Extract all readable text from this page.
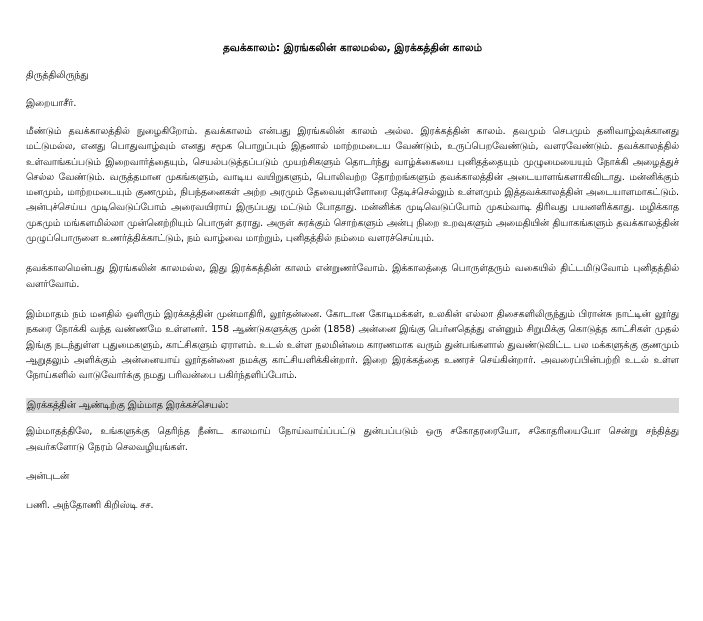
தவக்காலம்: இரங்கலின் காலமல்ல, இரக்கத்தின் காலம்

திருத்திலிருந்து

இறையாசீர்.

மீண்டும் தவக்காலத்தில் நுழைகிறோம். தவக்காலம் என்பது இரங்கலின் காலம் அல்ல. இரக்கத்தின் காலம். தவமும் செபமும் தனிவாழ்வுக்கானது மட்டுமல்ல, எனது பொதுவாழ்வும் எனது சமூக பொறுப்பும் இதனால் மாற்றமடைய வேண்டும், உருப்பெறவேண்டும், வளரவேண்டும். தவக்காலத்தில் உள்வாங்கப்படும் இறைவார்த்தையும், செயல்படுத்தப்படும் முயற்சிகளும் தொடர்ந்து வாழ்க்கையை புனிதத்தையும் முழுமையையும் நோக்கி அழைத்துச் செல்ல வேண்டும். வருத்தமான முகங்களும், வாடிய வயிறுகளும், பொலிவற்ற தோற்றங்களும் தவக்காலத்தின் அடையாளங்களாகிவிடாது. மன்னிக்கும் மனமும், மாற்றமடையும் குணமும், நிபந்தனைகள் அற்ற அரமும் தேவையுள்ளோரை தேடிச்செல்லும் உள்ளமும் இத்தவக்காலத்தின் அடையாளமாகட்டும். அன்புச்செய்ய முடிவெடுப்போம் அரைவயிராய் இருப்பது மட்டும் போதாது. மன்னிக்க முடிவெடுப்போம் முகம்வாடி திரிவது பயனளிக்காது. மழிக்காத முகமும் மங்களமில்லா முன்னெற்றியும் பொருள் தராது. அருள் சுரக்கும் சொற்களும் அன்பு நிறை உறவுகளும் அமைதியின் தியாகங்களும் தவக்காலத்தின் முழுப்பொருளை உணர்த்திக்காட்டும், நம் வாழ்வை மாற்றும், புனிதத்தில் நம்மை வளரச்செய்யும்.

தவக்காலமென்பது இரங்கலின் காலமல்ல, இது இரக்கத்தின் காலம் என்றுணர்வோம். இக்காலத்தை பொருள்தரும் வகையில் திட்டமிடுவோம் புனிதத்தில் வளர்வோம்.

இம்மாதம் நம் மனதில் ஒளிரும் இரக்கத்தின் முன்மாதிரி, லூர்தன்னை. கோடான கோடிமக்கள், உலகின் எல்லா திசைகளிலிருந்தும் பிரான்சு நாட்டின் லூர்து நகரை நோக்கி வந்த வண்ணமே உள்ளனர். 158 ஆண்டுகளுக்கு முன் (1858) அன்னை இங்கு பெர்னதெத்து என்னும் சிறுமிக்கு கொடுத்த காட்சிகள் முதல் இங்கு நடந்துள்ள புதுமைகளும், காட்சிகளும் ஏராளம். உடல் உள்ள நலமின்மை காரணமாக வரும் துன்பங்களால் துவண்டுவிட்ட பல மக்களுக்கு குணமும் ஆறுதலும் அளிக்கும் அன்னையாய் லூர்தன்னை நமக்கு காட்சியளிக்கின்றார். இறை இரக்கத்தை உணரச் செய்கின்றார். அவரைப்பின்பற்றி உடல் உள்ள நோய்களில் வாடுவோர்க்கு நமது பரிவன்பை பகிர்ந்தளிப்போம்.

இரக்கத்தின் ஆண்டிற்கு இம்மாத இரக்கச்செயல்:

இம்மாதத்திலே, உங்களுக்கு தெரிந்த நீண்ட காலமாய் நோய்வாய்ப்பட்டு துன்பப்படும் ஒரு சகோதரரையோ, சகோதரியையோ சென்று சந்தித்து அவர்களோடு நேரம் செலவழியுங்கள்.

அன்புடன்

பணி. அந்தோணி கிறிஸ்டி சச.
